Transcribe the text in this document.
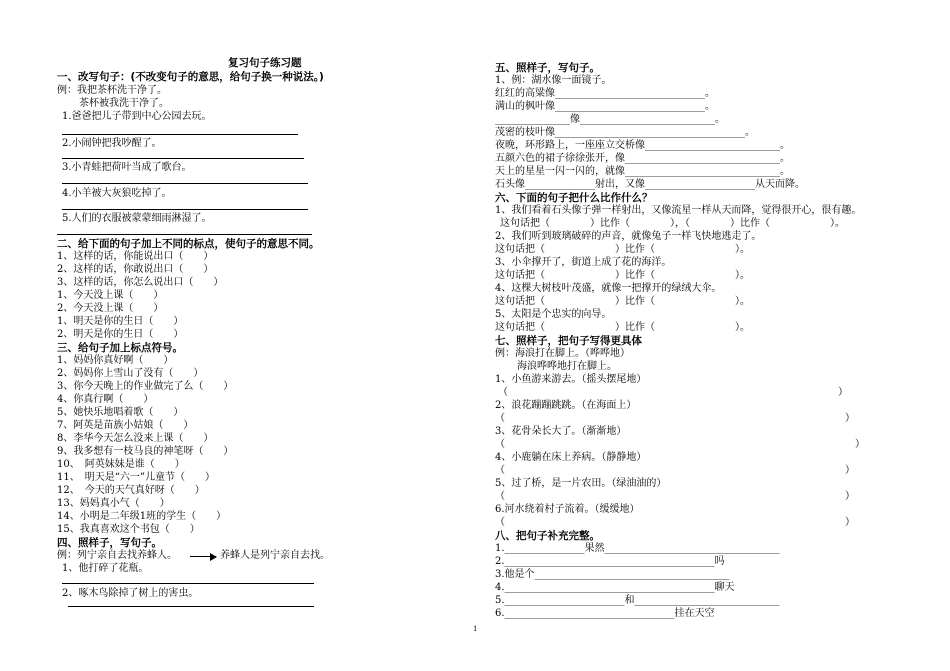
复习句子练习题
一、改写句子：(不改变句子的意思，给句子换一种说法。)
例：我把茶杯洗干净了。
茶杯被我洗干净了。
1.爸爸把儿子带到中心公园去玩。
2.小闹钟把我吵醒了。
3.小青蛙把荷叶当成了歌台。
4.小羊被大灰狼吃掉了。
5.人们的衣服被蒙蒙细雨淋湿了。
二、给下面的句子加上不同的标点，使句子的意思不同。
1、这样的话，你能说出口（　　）
2、这样的话，你敢说出口（　　）
3、这样的话，你怎么说出口（　　）
1、今天没上课（　　）
2、今天没上课（　　）
1、明天是你的生日（　　）
2、明天是你的生日（　　）
三、给句子加上标点符号。
1、妈妈你真好啊（　　）
2、妈妈你上雪山了没有（　　）
3、你今天晚上的作业做完了么（　　）
4、你真行啊（　　）
5、她快乐地唱着歌（　　）
7、阿英是苗族小姑娘（　　）
8、李华今天怎么没来上课（　　）
9、我多想有一枝马良的神笔呀（　　）
10、　阿英妹妹是谁（　　）
11、　明天是“六一”儿童节（　　）
12、　今天的天气真好呀（　　）
13、妈妈真小气（　　）
14、小明是二年级1班的学生（　　）
15、我真喜欢这个书包（　　）
四、照样子，写句子。
例：列宁亲自去找养蜂人。	养蜂人是列宁亲自去找。
1、他打碎了花瓶。
2、啄木鸟除掉了树上的害虫。
五、照样子，写句子。
1、例：湖水像一面镜子。
红红的高粱像______________________________。
满山的枫叶像______________________________。
_______________像___________________________。
茂密的枝叶像______________________________________。
夜晚，环形路上，一座座立交桥像___________________________。
五颜六色的裙子徐徐张开，像_______________________________。
天上的星星一闪一闪的，就像_______________________________。
石头像______________射出，又像______________________从天而降。
六、下面的句子把什么比作什么？
1、我们看着石头像子弹一样射出，又像流星一样从天而降，觉得很开心，很有趣。
这句话把（　　　　）比作（　　　　），（　　　　）比作（　　　　　　）。
2、我们听到玻璃破碎的声音，就像兔子一样飞快地逃走了。
这句话把（　　　　　　　）比作（　　　　　　　　）。
3、小伞撑开了，街道上成了花的海洋。
这句话把（　　　　　　　）比作（　　　　　　　　）。
4、这棵大树枝叶茂盛，就像一把撑开的绿绒大伞。
这句话把（　　　　　　　）比作（　　　　　　　　）。
5、太阳是个忠实的向导。
这句话把（　　　　　　　）比作（　　　　　　　　）。
七、照样子，把句子写得更具体
例：海浪打在脚上。（哗哗地）
海浪哗哗地打在脚上。
1、小鱼游来游去。（摇头摆尾地）
（　　　　　　　　　　　　　　　　　　　　　　　　　　　　　　　　　）
2、浪花蹦蹦跳跳。（在海面上）
（　　　　　　　　　　　　　　　　　　　　　　　　　　　　　　　　　　）
3、花骨朵长大了。（渐渐地）
（　　　　　　　　　　　　　　　　　　　　　　　　　　　　　　　　　　　）
4、小鹿躺在床上养病。（静静地）
（　　　　　　　　　　　　　　　　　　　　　　　　　　　　　　　　　　）
5、过了桥，是一片农田。（绿油油的）
（　　　　　　　　　　　　　　　　　　　　　　　　　　　　　　　　　　）
6.河水绕着村子流着。（缓缓地）
（　　　　　　　　　　　　　　　　　　　　　　　　　　　　　　　　　　）
八、把句子补充完整。
1.________________果然___________________________________
2.__________________________________________吗
3.他是个_______________________________________
4.__________________________________________聊天
5.________________________和_____________________________
6.__________________________________挂在天空
1
